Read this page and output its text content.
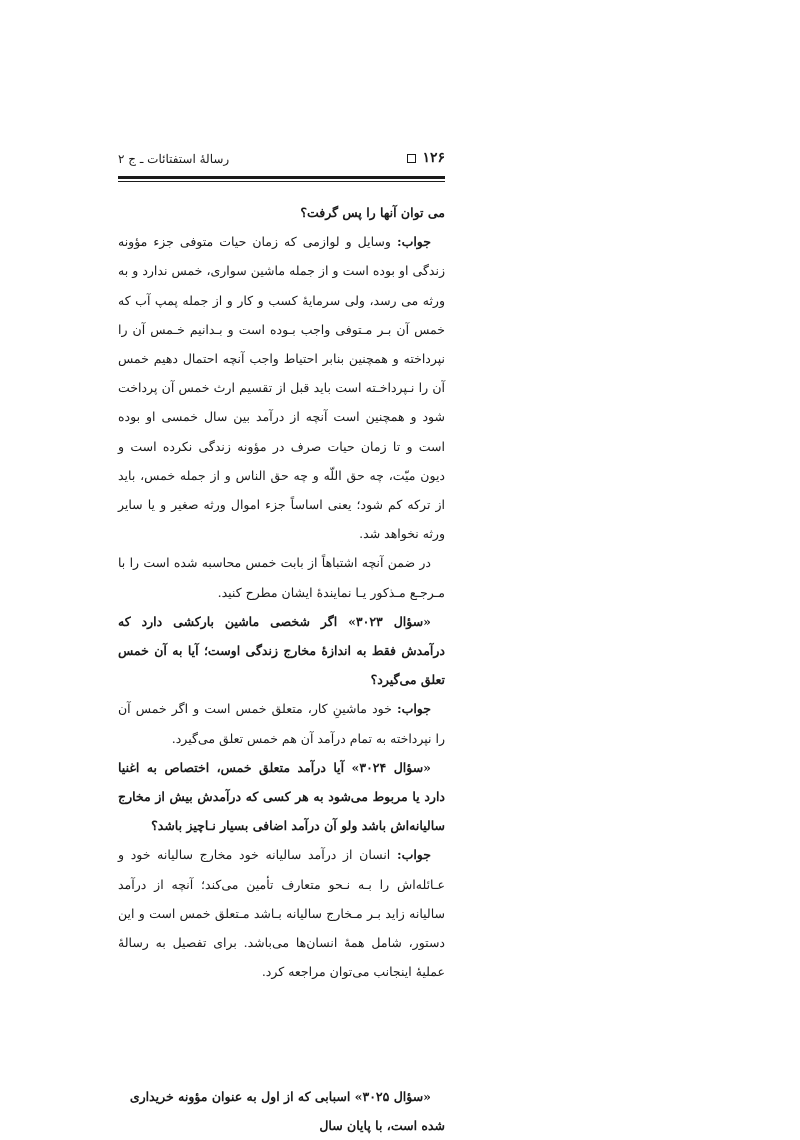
۱۲۶
رسالهٔ استفتائات ـ ج ۲

می توان آنها را پس گرفت؟

جواب: وسایل و لوازمی که زمان حیات متوفی جزء مؤونه زندگی او بوده است و از جمله ماشین سواری، خمس ندارد و به ورثه می رسد، ولی سرمایهٔ کسب و کار و از جمله پمپ آب که خمس آن بـر مـتوفی واجب بـوده است و بـدانیم خـمس آن را نپرداخته و همچنین بنابر احتیاط واجب آنچه احتمال دهیم خمس آن را نـپرداخـته است باید قبل از تقسیم ارث خمس آن پرداخت شود و همچنین است آنچه از درآمد بین سال خمسی او بوده است و تا زمان حیات صرف در مؤونه زندگی نکرده است و دیون میّت، چه حق اللّه و چه حق الناس و از جمله خمس، باید از ترکه کم شود؛ یعنی اساساً جزء اموال ورثه صغیر و یا سایر ورثه نخواهد شد.

در ضمن آنچه اشتباهاً از بابت خمس محاسبه شده است را با مـرجـع مـذکور یـا نمایندهٔ ایشان مطرح کنید.

«سؤال ۳۰۲۳» اگر شخصی ماشین بارکشی دارد که درآمدش فقط به اندازهٔ مخارج زندگی اوست؛ آیا به آن خمس تعلق می‌گیرد؟

جواب: خود ماشینِ کار، متعلق خمس است و اگر خمس آن را نپرداخته به تمام درآمد آن هم خمس تعلق می‌گیرد.

«سؤال ۳۰۲۴» آیا درآمد متعلق خمس، اختصاص به اغنیا دارد یا مربوط می‌شود به هر کسی که درآمدش بیش از مخارج سالیانه‌اش باشد ولو آن درآمد اضافی بسیار نـاچیز باشد؟

جواب: انسان از درآمد سالیانه خود مخارج سالیانه خود و عـائله‌اش را بـه نـحو متعارف تأمین می‌کند؛ آنچه از درآمد سالیانه زاید بـر مـخارج سالیانه بـاشد مـتعلق خمس است و این دستور، شامل همهٔ انسان‌ها می‌باشد. برای تفصیل به رسالهٔ عملیهٔ اینجانب می‌توان مراجعه کرد.

«سؤال ۳۰۲۵» اسبابی که از اول به عنوان مؤونه خریداری شده است، با پایان سال
